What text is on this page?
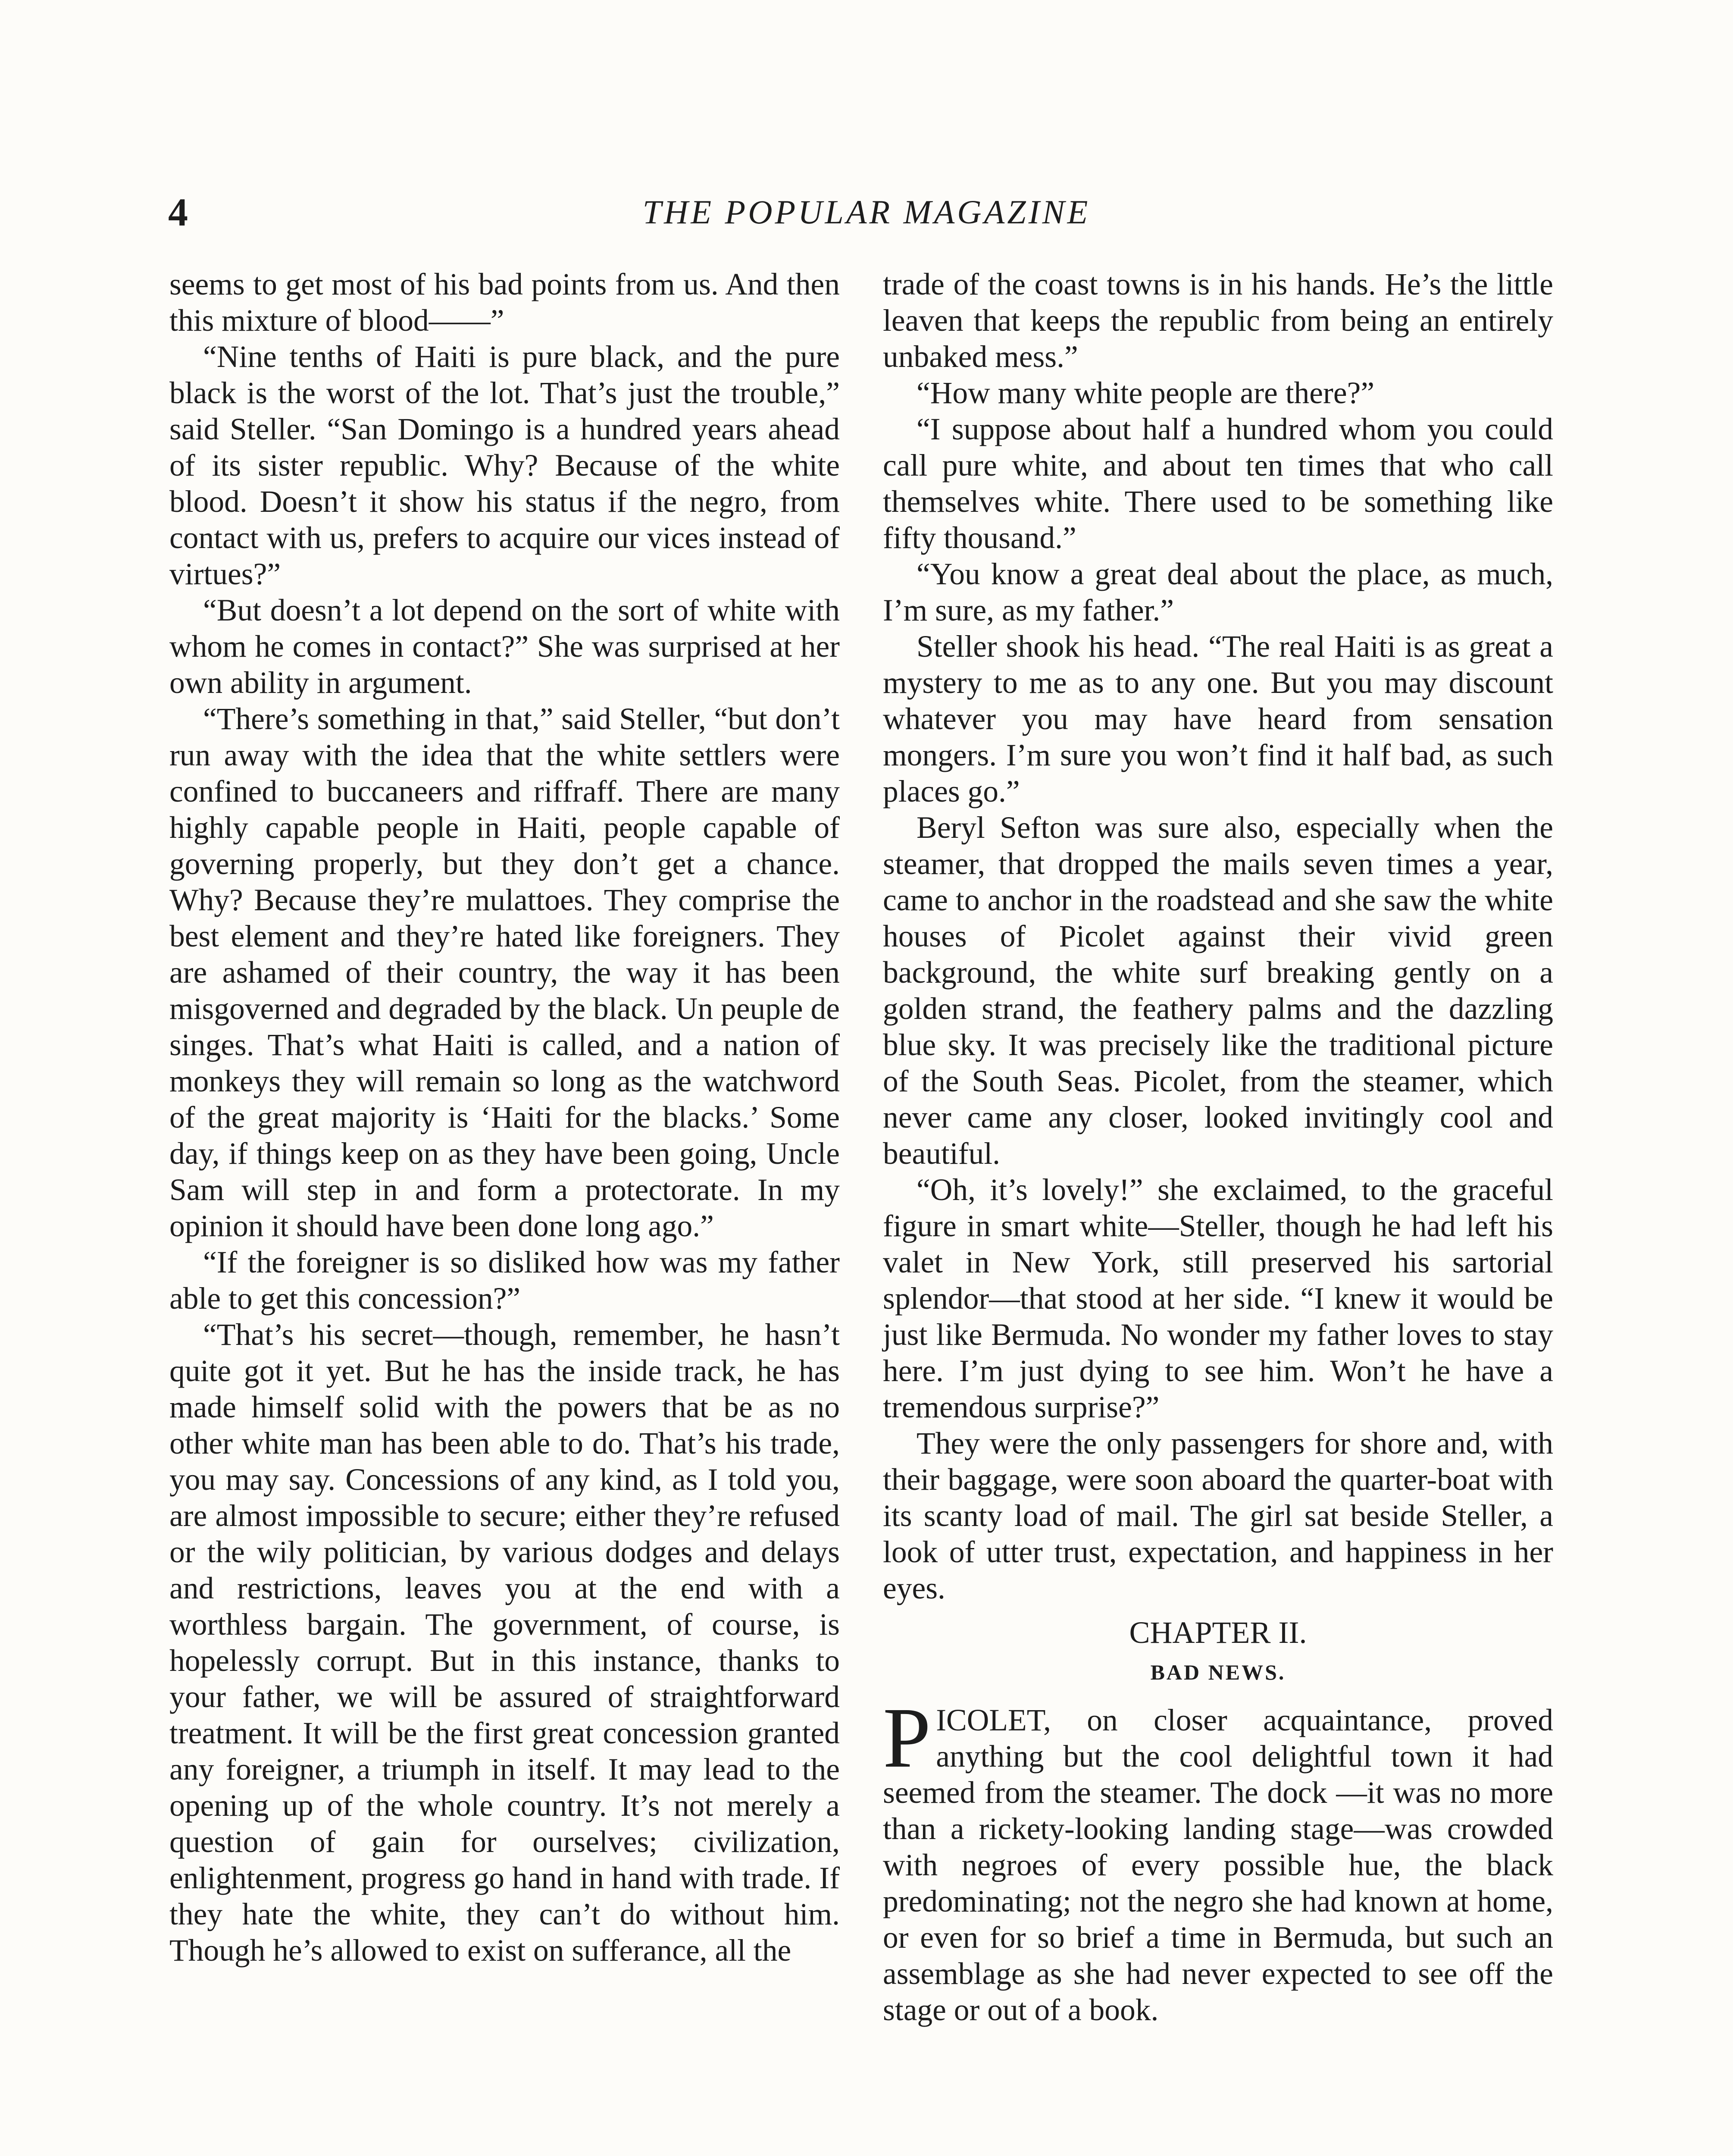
4	THE POPULAR MAGAZINE

seems to get most of his bad points from us. And then this mixture of blood——”

“Nine tenths of Haiti is pure black, and the pure black is the worst of the lot. That’s just the trouble,” said Steller. “San Domingo is a hundred years ahead of its sister republic. Why? Because of the white blood. Doesn’t it show his status if the negro, from contact with us, prefers to acquire our vices instead of virtues?”

“But doesn’t a lot depend on the sort of white with whom he comes in contact?” She was surprised at her own ability in argument.

“There’s something in that,” said Steller, “but don’t run away with the idea that the white settlers were confined to buccaneers and riffraff. There are many highly capable people in Haiti, people capable of governing properly, but they don’t get a chance. Why? Because they’re mulattoes. They comprise the best element and they’re hated like foreigners. They are ashamed of their country, the way it has been misgoverned and degraded by the black. Un peuple de singes. That’s what Haiti is called, and a nation of monkeys they will remain so long as the watchword of the great majority is ‘Haiti for the blacks.’ Some day, if things keep on as they have been going, Uncle Sam will step in and form a protectorate. In my opinion it should have been done long ago.”

“If the foreigner is so disliked how was my father able to get this concession?”

“That’s his secret—though, remember, he hasn’t quite got it yet. But he has the inside track, he has made himself solid with the powers that be as no other white man has been able to do. That’s his trade, you may say. Concessions of any kind, as I told you, are almost impossible to secure; either they’re refused or the wily politician, by various dodges and delays and restrictions, leaves you at the end with a worthless bargain. The government, of course, is hopelessly corrupt. But in this instance, thanks to your father, we will be assured of straightforward treatment. It will be the first great concession granted any foreigner, a triumph in itself. It may lead to the opening up of the whole country. It’s not merely a question of gain for ourselves; civilization, enlightenment, progress go hand in hand with trade. If they hate the white, they can’t do without him. Though he’s allowed to exist on sufferance, all the

trade of the coast towns is in his hands. He’s the little leaven that keeps the republic from being an entirely unbaked mess.”

“How many white people are there?”

“I suppose about half a hundred whom you could call pure white, and about ten times that who call themselves white. There used to be something like fifty thousand.”

“You know a great deal about the place, as much, I’m sure, as my father.”

Steller shook his head. “The real Haiti is as great a mystery to me as to any one. But you may discount whatever you may have heard from sensation mongers. I’m sure you won’t find it half bad, as such places go.”

Beryl Sefton was sure also, especially when the steamer, that dropped the mails seven times a year, came to anchor in the roadstead and she saw the white houses of Picolet against their vivid green background, the white surf breaking gently on a golden strand, the feathery palms and the dazzling blue sky. It was precisely like the traditional picture of the South Seas. Picolet, from the steamer, which never came any closer, looked invitingly cool and beautiful.

“Oh, it’s lovely!” she exclaimed, to the graceful figure in smart white—Steller, though he had left his valet in New York, still preserved his sartorial splendor—that stood at her side. “I knew it would be just like Bermuda. No wonder my father loves to stay here. I’m just dying to see him. Won’t he have a tremendous surprise?”

They were the only passengers for shore and, with their baggage, were soon aboard the quarter-boat with its scanty load of mail. The girl sat beside Steller, a look of utter trust, expectation, and happiness in her eyes.

CHAPTER II.
BAD NEWS.

PICOLET, on closer acquaintance, proved anything but the cool delightful town it had seemed from the steamer. The dock —it was no more than a rickety-looking landing stage—was crowded with negroes of every possible hue, the black predominating; not the negro she had known at home, or even for so brief a time in Bermuda, but such an assemblage as she had never expected to see off the stage or out of a book.
